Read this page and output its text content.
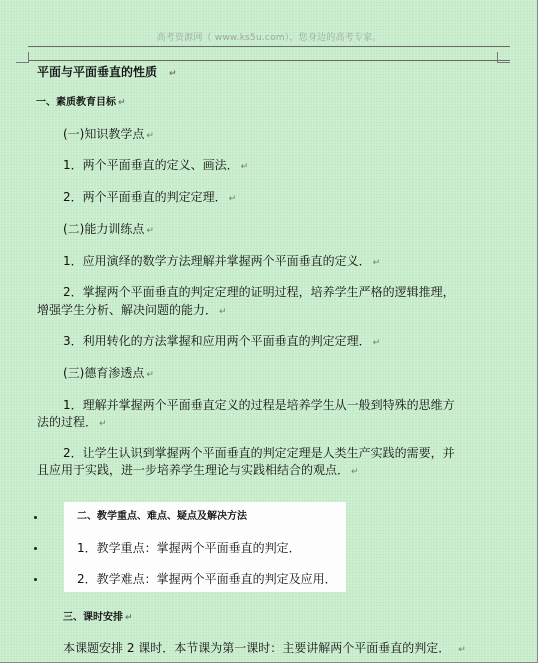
高考资源网（ www.ks5u.com），您身边的高考专家。
平面与平面垂直的性质 ↵
一、素质教育目标 ↵
(一)知识教学点 ↵
1．两个平面垂直的定义、画法． ↵
2．两个平面垂直的判定定理． ↵
(二)能力训练点 ↵
1．应用演绎的数学方法理解并掌握两个平面垂直的定义． ↵
2．掌握两个平面垂直的判定定理的证明过程，培养学生严格的逻辑推理，
增强学生分析、解决问题的能力． ↵
3．利用转化的方法掌握和应用两个平面垂直的判定定理． ↵
(三)德育渗透点 ↵
1．理解并掌握两个平面垂直定义的过程是培养学生从一般到特殊的思维方
法的过程． ↵
2．让学生认识到掌握两个平面垂直的判定定理是人类生产实践的需要，并
且应用于实践，进一步培养学生理论与实践相结合的观点． ↵
二、教学重点、难点、疑点及解决方法
1．教学重点：掌握两个平面垂直的判定．
2．教学难点：掌握两个平面垂直的判定及应用．
三、课时安排 ↵
本课题安排 2 课时．本节课为第一课时：主要讲解两个平面垂直的判定． ↵
